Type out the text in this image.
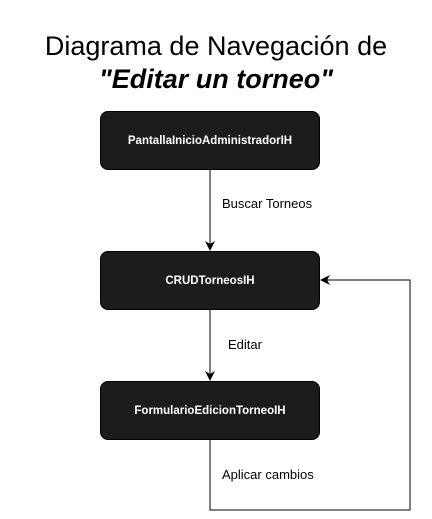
Diagrama de Navegación de
"Editar un torneo"
PantallaInicioAdministradorIH
CRUDTorneosIH
FormularioEdicionTorneoIH
Buscar Torneos
Editar
Aplicar cambios
